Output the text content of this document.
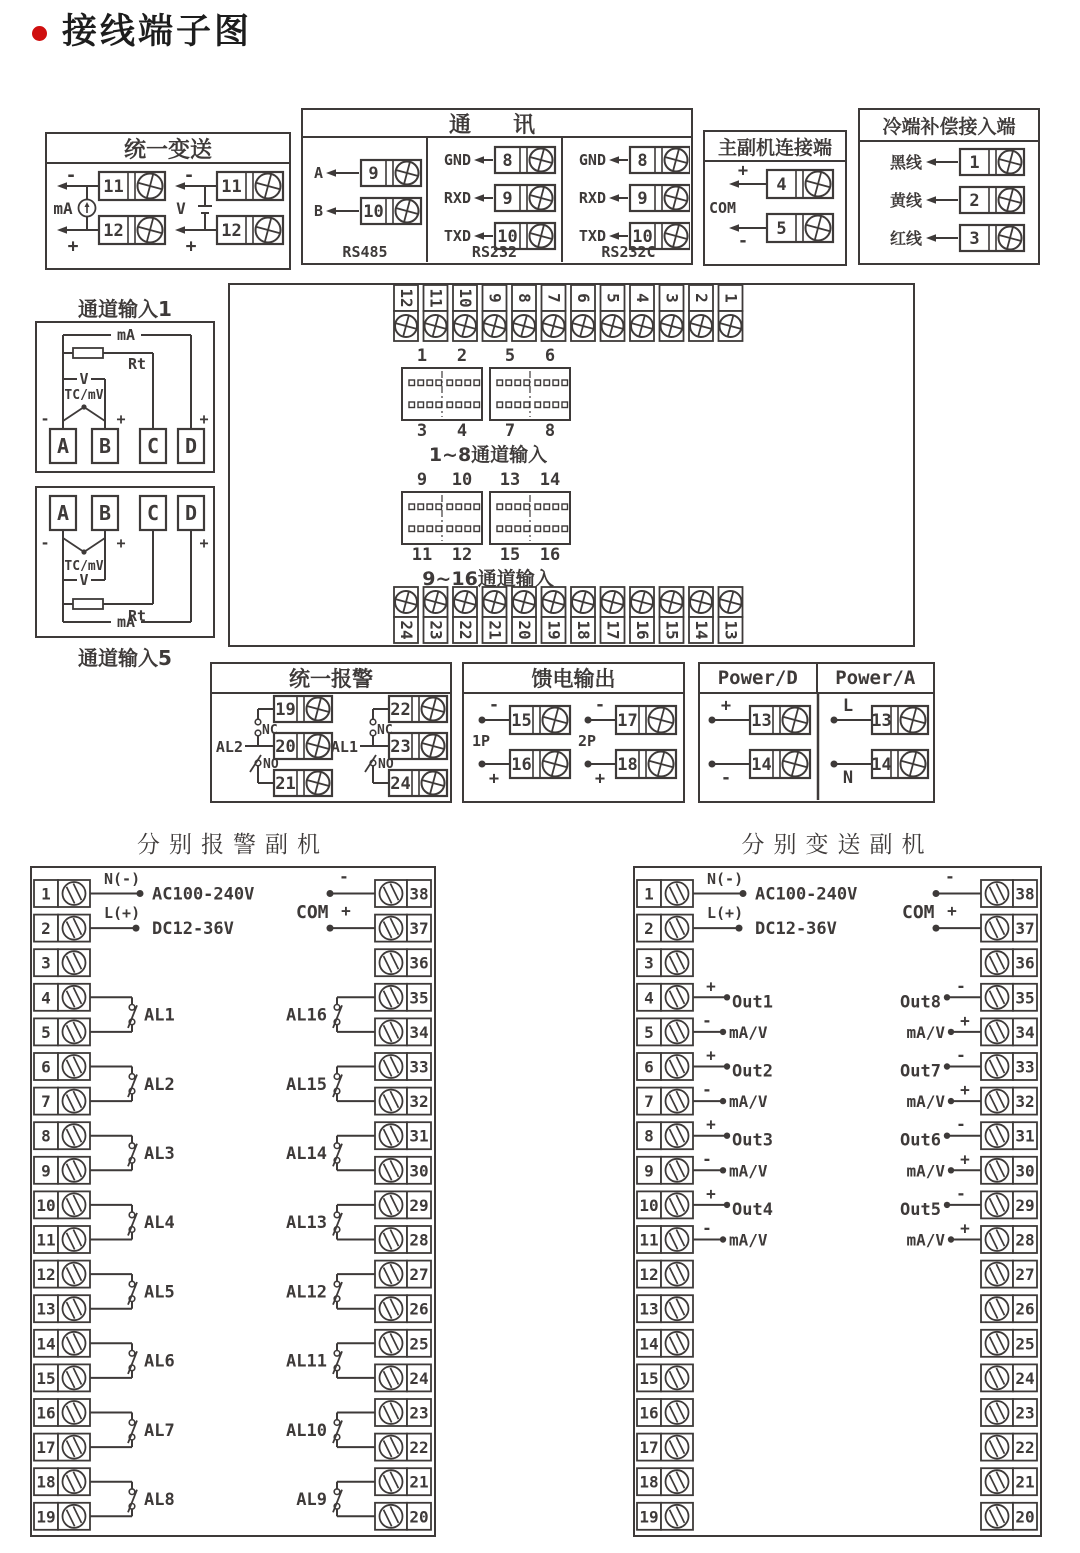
接线端子图
统一变送
11
12
-
+
mA
11
12
-
+
V
通　讯
A	9
B 10
RS485
GND 8
RXD 9
TXD 10
RS232
GND 8
RXD 9
TXD 10
RS232C
主副机连接端
4
+
5
-
COM
冷端补偿接入端
黑线	1
黄线	2
红线	3
通道输入1
A B C D
-	+	+
mA
Rt
V
TC/mV
A B C D
-	+	+
TC/mV
V
Rt
mA
通道输入5
12 11 10 9 8 7 6 5 4 3 2 1
24 23 22 21 20 19 18 17 16 15 14 13
1 2
3 4
5 6
7 8
9 10
11 12
13 14
15 16
1~8通道输入
9~16通道输入
统一报警
19
20
21
NC
NO
AL2
22
23
24
NC
NO
AL1
馈电输出
15
-
16
+
1P
17
-
18
+
2P
Power/D	Power/A
13
+
14
-
13
L
14
N
分别报警副机
1
2
3
4
5
6
7
8
9
10
11
12
13
14
15
16
17
18
19
38
37
36
35
34
33
32
31
30
29
28
27
26
25
24
23
22
21
20
N(-)
AC100-240V
L(+)
DC12-36V
COM
-
+
AL1
AL2
AL3
AL4
AL5
AL6
AL7
AL8
AL16
AL15
AL14
AL13
AL12
AL11
AL10
AL9
分别变送副机
1
2
3
4
5
6
7
8
9
10
11
12
13
14
15
16
17
18
19
38
37
36
35
34
33
32
31
30
29
28
27
26
25
24
23
22
21
20
N(-)
AC100-240V
L(+)
DC12-36V
COM
-
+
+
Out1
-
mA/V
+
Out2
-
mA/V
+
Out3
-
mA/V
+
Out4
-
mA/V
-
Out8
+
mA/V
-
Out7
+
mA/V
-
Out6
+
mA/V
-
Out5
+
mA/V
